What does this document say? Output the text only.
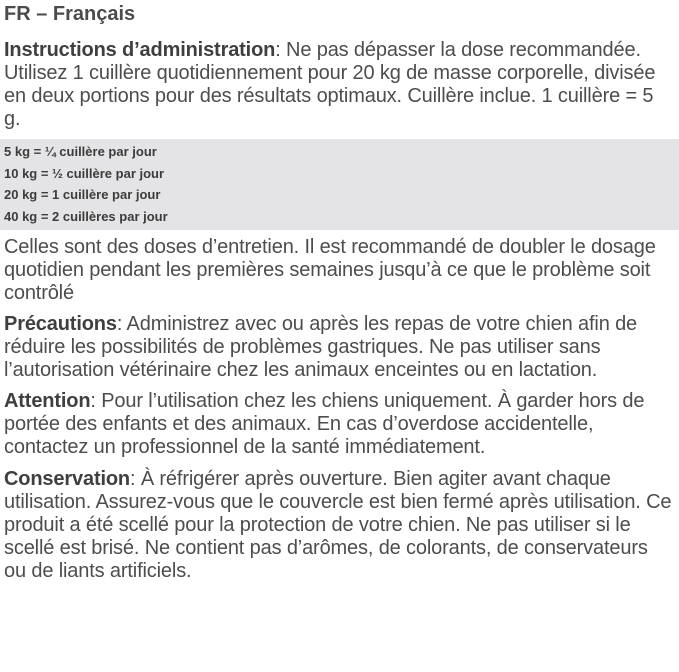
FR – Français

Instructions d’administration: Ne pas dépasser la dose recommandée. Utilisez 1 cuillère quotidiennement pour 20 kg de masse corporelle, divisée en deux portions pour des résultats optimaux. Cuillère inclue. 1 cuillère = 5 g.

5 kg = ¼ cuillère par jour
10 kg = ½ cuillère par jour
20 kg = 1 cuillère par jour
40 kg = 2 cuillères par jour

Celles sont des doses d’entretien. Il est recommandé de doubler le dosage quotidien pendant les premières semaines jusqu’à ce que le problème soit contrôlé

Précautions: Administrez avec ou après les repas de votre chien afin de réduire les possibilités de problèmes gastriques. Ne pas utiliser sans l’autorisation vétérinaire chez les animaux enceintes ou en lactation.

Attention: Pour l’utilisation chez les chiens uniquement. À garder hors de portée des enfants et des animaux. En cas d’overdose accidentelle, contactez un professionnel de la santé immédiatement.

Conservation: À réfrigérer après ouverture. Bien agiter avant chaque utilisation. Assurez-vous que le couvercle est bien fermé après utilisation. Ce produit a été scellé pour la protection de votre chien. Ne pas utiliser si le scellé est brisé. Ne contient pas d’arômes, de colorants, de conservateurs ou de liants artificiels.
